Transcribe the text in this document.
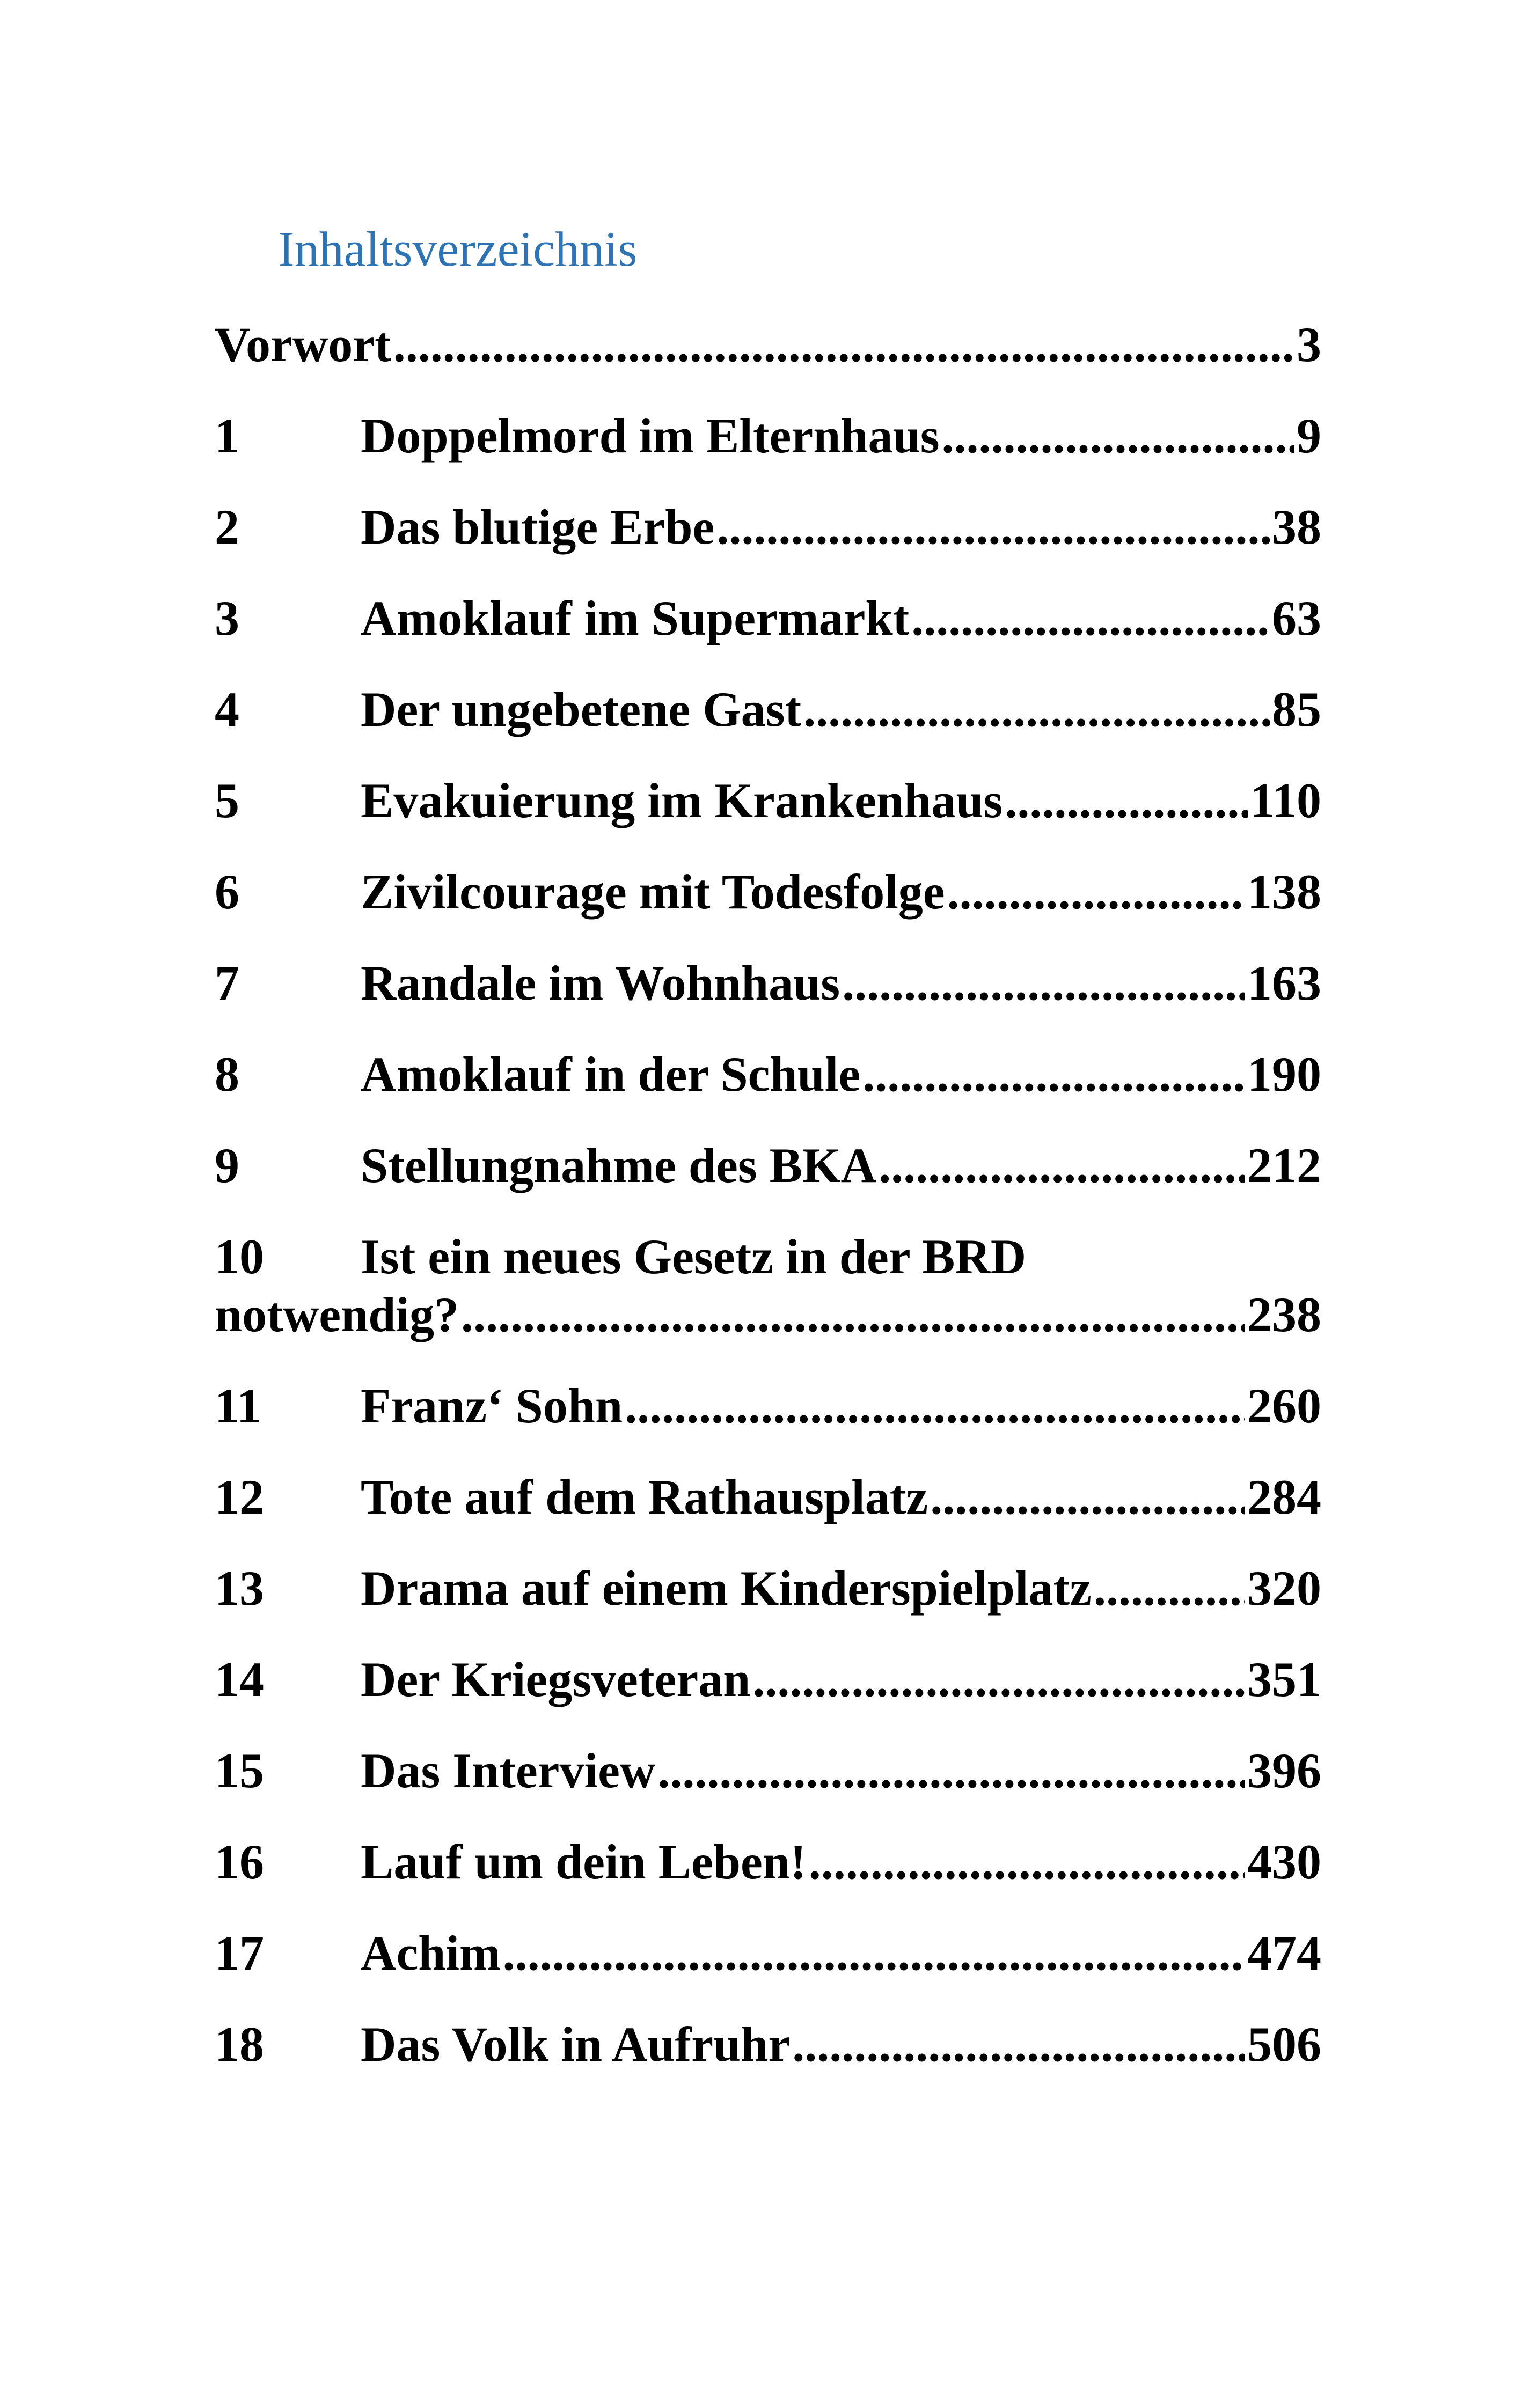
Inhaltsverzeichnis
Vorwort .....	3
1	Doppelmord im Elternhaus .....	9
2	Das blutige Erbe .....	38
3	Amoklauf im Supermarkt .....	63
4	Der ungebetene Gast .....	85
5	Evakuierung im Krankenhaus .....	110
6	Zivilcourage mit Todesfolge .....	138
7	Randale im Wohnhaus .....	163
8	Amoklauf in der Schule .....	190
9	Stellungnahme des BKA .....	212
10	Ist ein neues Gesetz in der BRD
notwendig? .....	238
11	Franz‘ Sohn .....	260
12	Tote auf dem Rathausplatz .....	284
13	Drama auf einem Kinderspielplatz .....	320
14	Der Kriegsveteran .....	351
15	Das Interview .....	396
16	Lauf um dein Leben! .....	430
17	Achim .....	474
18	Das Volk in Aufruhr .....	506
